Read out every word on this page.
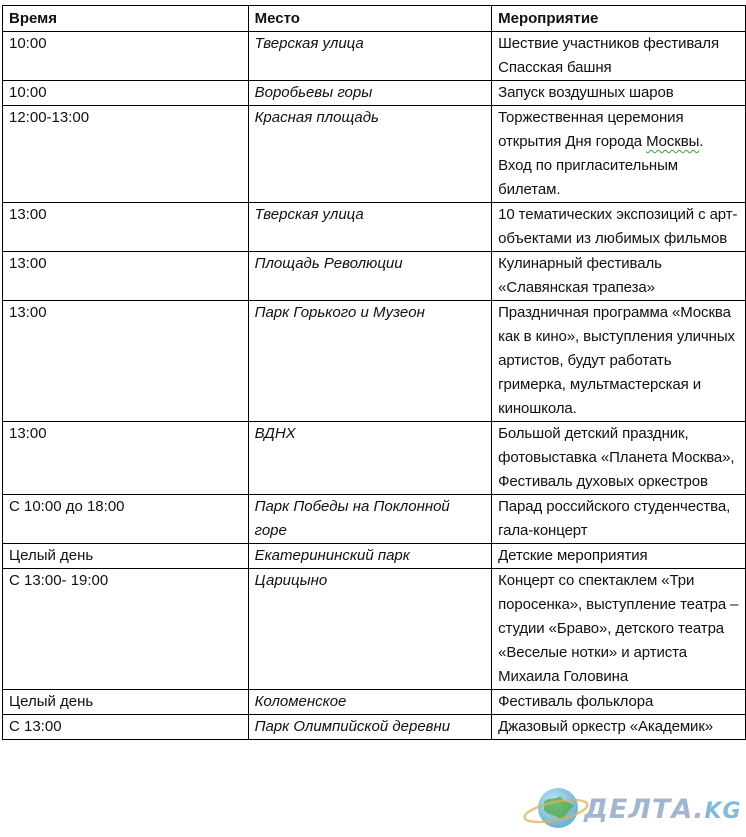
Время	Место	Мероприятие
10:00	Тверская улица	Шествие участников фестиваля Спасская башня
10:00	Воробьевы горы	Запуск воздушных шаров
12:00-13:00	Красная площадь	Торжественная церемония открытия Дня города Москвы. Вход по пригласительным билетам.
13:00	Тверская улица	10 тематических экспозиций с арт-объектами из любимых фильмов
13:00	Площадь Революции	Кулинарный фестиваль «Славянская трапеза»
13:00	Парк Горького и Музеон	Праздничная программа «Москва как в кино», выступления уличных артистов, будут работать гримерка, мультмастерская и киношкола.
13:00	ВДНХ	Большой детский праздник, фотовыставка «Планета Москва», Фестиваль духовых оркестров
С 10:00 до 18:00	Парк Победы на Поклонной горе	Парад российского студенчества, гала-концерт
Целый день	Екатерининский парк	Детские мероприятия
С 13:00- 19:00	Царицыно	Концерт со спектаклем «Три поросенка», выступление театра – студии «Браво», детского театра «Веселые нотки» и артиста Михаила Головина
Целый день	Коломенское	Фестиваль фольклора
С 13:00	Парк Олимпийской деревни	Джазовый оркестр «Академик»
ДЕЛТА.KG
